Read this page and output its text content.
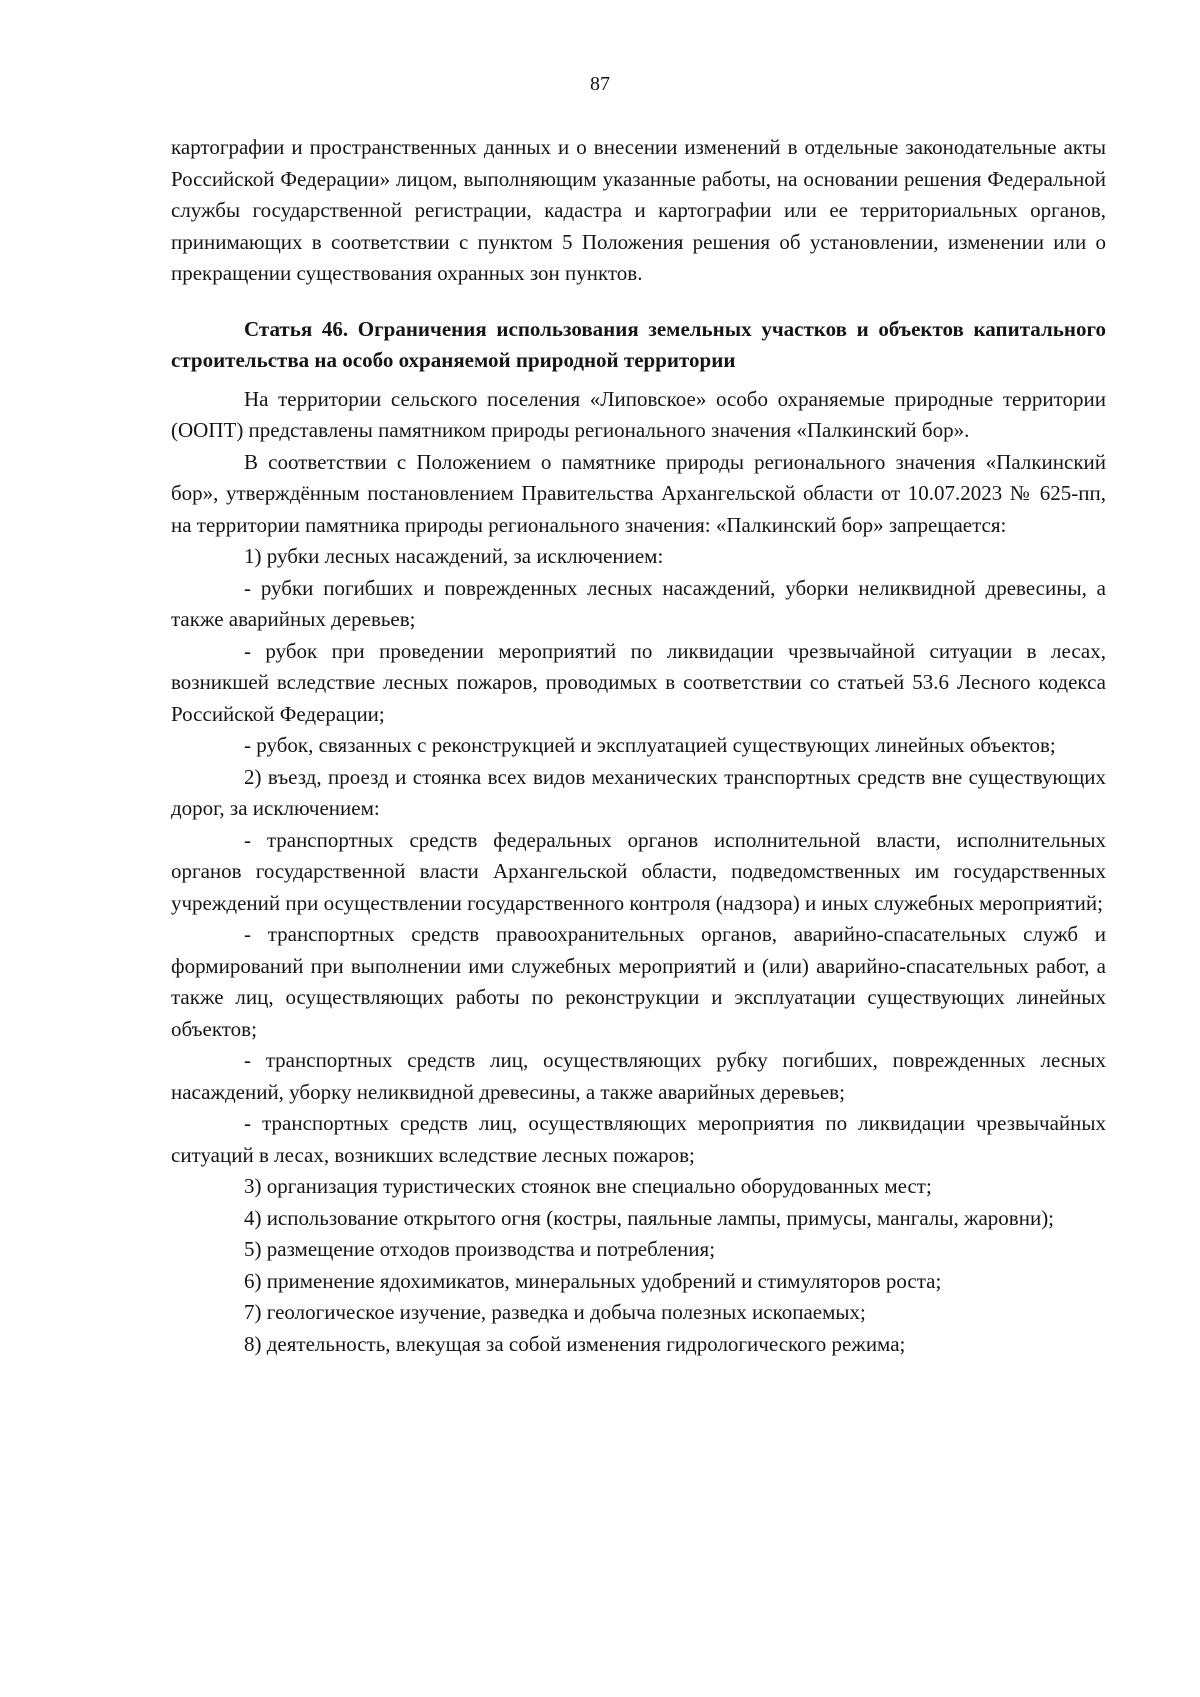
87

картографии и пространственных данных и о внесении изменений в отдельные законодательные акты Российской Федерации» лицом, выполняющим указанные работы, на основании решения Федеральной службы государственной регистрации, кадастра и картографии или ее территориальных органов, принимающих в соответствии с пунктом 5 Положения решения об установлении, изменении или о прекращении существования охранных зон пунктов.

Статья 46. Ограничения использования земельных участков и объектов капитального строительства на особо охраняемой природной территории

На территории сельского поселения «Липовское» особо охраняемые природные территории (ООПТ) представлены памятником природы регионального значения «Палкинский бор».

В соответствии с Положением о памятнике природы регионального значения «Палкинский бор», утверждённым постановлением Правительства Архангельской области от 10.07.2023 № 625-пп, на территории памятника природы регионального значения: «Палкинский бор» запрещается:

1) рубки лесных насаждений, за исключением:

- рубки погибших и поврежденных лесных насаждений, уборки неликвидной древесины, а также аварийных деревьев;

- рубок при проведении мероприятий по ликвидации чрезвычайной ситуации в лесах, возникшей вследствие лесных пожаров, проводимых в соответствии со статьей 53.6 Лесного кодекса Российской Федерации;

- рубок, связанных с реконструкцией и эксплуатацией существующих линейных объектов;

2) въезд, проезд и стоянка всех видов механических транспортных средств вне существующих дорог, за исключением:

- транспортных средств федеральных органов исполнительной власти, исполнительных органов государственной власти Архангельской области, подведомственных им государственных учреждений при осуществлении государственного контроля (надзора) и иных служебных мероприятий;

- транспортных средств правоохранительных органов, аварийно-спасательных служб и формирований при выполнении ими служебных мероприятий и (или) аварийно-спасательных работ, а также лиц, осуществляющих работы по реконструкции и эксплуатации существующих линейных объектов;

- транспортных средств лиц, осуществляющих рубку погибших, поврежденных лесных насаждений, уборку неликвидной древесины, а также аварийных деревьев;

- транспортных средств лиц, осуществляющих мероприятия по ликвидации чрезвычайных ситуаций в лесах, возникших вследствие лесных пожаров;

3) организация туристических стоянок вне специально оборудованных мест;

4) использование открытого огня (костры, паяльные лампы, примусы, мангалы, жаровни);

5) размещение отходов производства и потребления;

6) применение ядохимикатов, минеральных удобрений и стимуляторов роста;

7) геологическое изучение, разведка и добыча полезных ископаемых;

8) деятельность, влекущая за собой изменения гидрологического режима;
